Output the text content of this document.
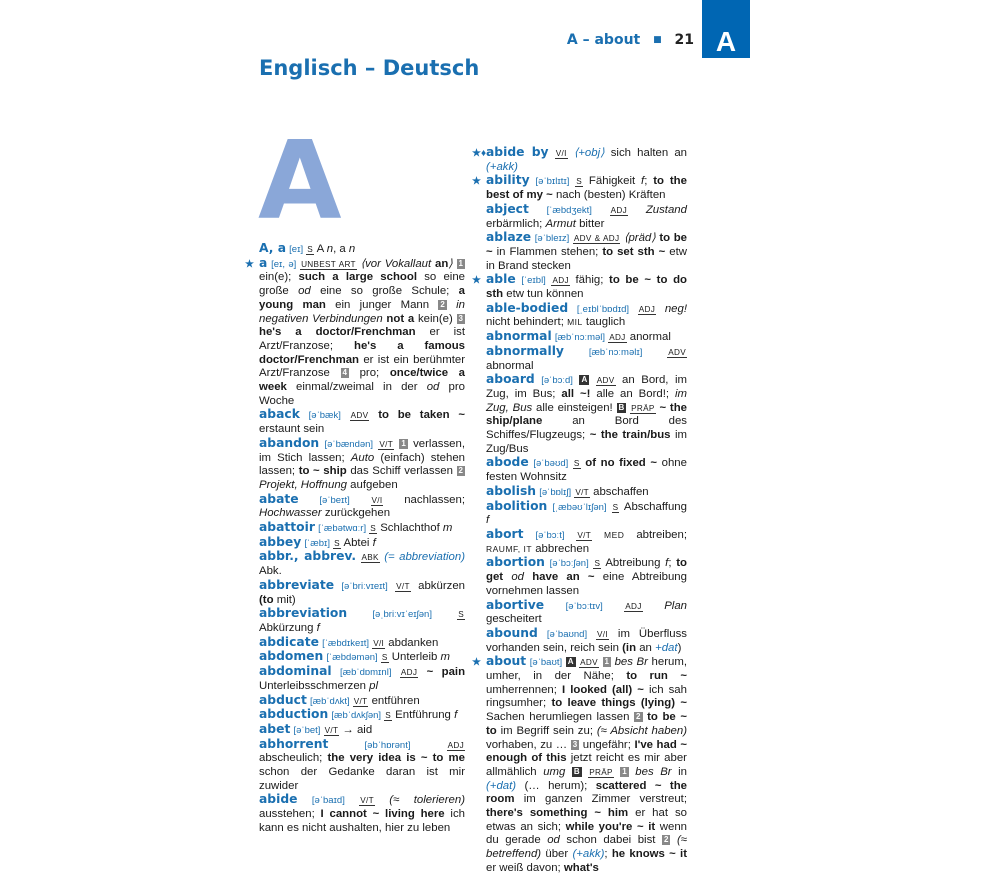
A
A – about ■ 21
Englisch – Deutsch
A
A, a [eɪ] S A n, a n
★ a [eɪ, ə] UNBEST ART ⟨vor Vokallaut an⟩ 1 ein(e); such a large school so eine große od eine so große Schule; a young man ein junger Mann 2 in negativen Verbindungen not a kein(e) 3 he's a doctor/Frenchman er ist Arzt/Franzose; he's a famous doctor/Frenchman er ist ein berühmter Arzt/Franzose 4 pro; once/twice a week einmal/zweimal in der od pro Woche
aback [əˈbæk] ADV to be taken ~ erstaunt sein
abandon [əˈbændən] V/T 1 verlassen, im Stich lassen; Auto (einfach) stehen lassen; to ~ ship das Schiff verlassen 2 Projekt, Hoffnung aufgeben
abate [əˈbeɪt]	V/I nachlassen; Hochwasser zurückgehen
abattoir [ˈæbətwɑːr] S Schlachthof m
abbey [ˈæbɪ] S Abtei f
abbr., abbrev. ABK (= abbreviation) Abk.
abbreviate [əˈbriːvɪeɪt] V/T abkürzen (to mit)
abbreviation	[əˌbriːvɪˈeɪʃən]	S Abkürzung f
abdicate [ˈæbdɪkeɪt] V/I abdanken
abdomen [ˈæbdəmən] S Unterleib m
abdominal [æbˈdɒmɪnl] ADJ ~ pain Unterleibsschmerzen pl
abduct [æbˈdʌkt] V/T entführen
abduction [æbˈdʌkʃən] S Entführung f
abet [əˈbet] V/T → aid
abhorrent	[əbˈhɒrənt]	ADJ abscheulich; the very idea is ~ to me schon der Gedanke daran ist mir zuwider
abide [əˈbaɪd] V/T (≈ tolerieren) ausstehen; I cannot ~ living here ich kann es nicht aushalten, hier zu leben
★♦abide by V/I ⟨+obj⟩ sich halten an (+akk)
★ ability [əˈbɪlɪtɪ] S Fähigkeit f; to the best of my ~ nach (besten) Kräften
abject [ˈæbdʒekt] ADJ Zustand erbärmlich; Armut bitter
ablaze [əˈbleɪz] ADV & ADJ ⟨präd⟩ to be ~ in Flammen stehen; to set sth ~ etw in Brand stecken
★ able [ˈeɪbl] ADJ fähig; to be ~ to do sth etw tun können
able-bodied [ˌeɪblˈbɒdɪd] ADJ neg! nicht behindert; MIL tauglich
abnormal [æbˈnɔːməl] ADJ anormal
abnormally	[æbˈnɔːməlɪ]	ADV abnormal
aboard [əˈbɔːd] A ADV an Bord, im Zug, im Bus; all ~! alle an Bord!; im Zug, Bus alle einsteigen! B PRÄP ~ the ship/plane an Bord des Schiffes/Flugzeugs; ~ the train/bus im Zug/Bus
abode [əˈbəʊd] S of no fixed ~ ohne festen Wohnsitz
abolish [əˈbɒlɪʃ] V/T abschaffen
abolition [ˌæbəʊˈlɪʃən] S Abschaffung f
abort [əˈbɔːt] V/T MED abtreiben; RAUMF, IT abbrechen
abortion [əˈbɔːʃən] S Abtreibung f; to get od have an ~ eine Abtreibung vornehmen lassen
abortive [əˈbɔːtɪv]	ADJ Plan gescheitert
abound [əˈbaʊnd] V/I im Überfluss vorhanden sein, reich sein (in an +dat)
★ about [əˈbaʊt] A ADV 1 bes Br herum, umher, in der Nähe; to run ~ umherrennen; I looked (all) ~ ich sah ringsumher; to leave things (lying) ~ Sachen herumliegen lassen 2 to be ~ to im Begriff sein zu; (≈ Absicht haben) vorhaben, zu … 3 ungefähr; I've had ~ enough of this jetzt reicht es mir aber allmählich umg B PRÄP 1 bes Br in (+dat) (… herum); scattered ~ the room im ganzen Zimmer verstreut; there's something ~ him er hat so etwas an sich; while you're ~ it wenn du gerade od schon dabei bist 2 (≈ betreffend) über (+akk); he knows ~ it er weiß davon; what's
